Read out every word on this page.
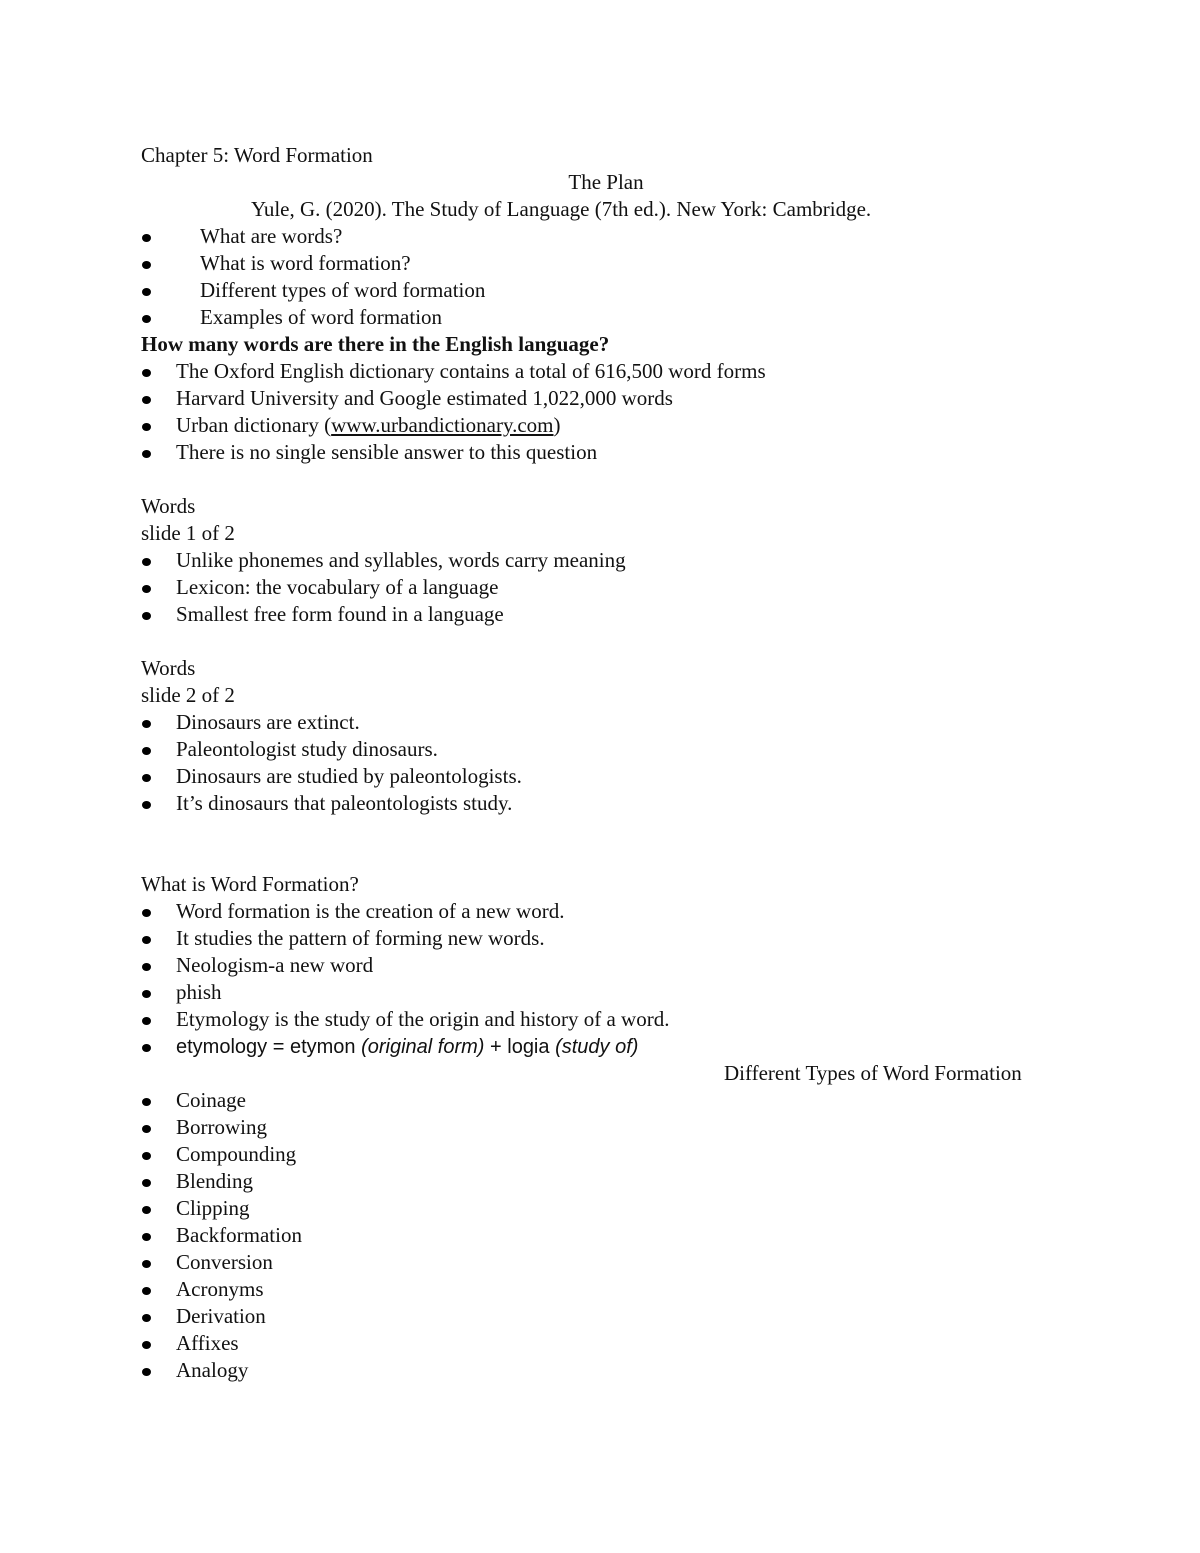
Chapter 5: Word Formation
The Plan
Yule, G. (2020). The Study of Language (7th ed.). New York: Cambridge.
What are words?
What is word formation?
Different types of word formation
Examples of word formation
How many words are there in the English language?
The Oxford English dictionary contains a total of 616,500 word forms
Harvard University and Google estimated 1,022,000 words
Urban dictionary (www.urbandictionary.com)
There is no single sensible answer to this question
Words
slide 1 of 2
Unlike phonemes and syllables, words carry meaning
Lexicon: the vocabulary of a language
Smallest free form found in a language
Words
slide 2 of 2
Dinosaurs are extinct.
Paleontologist study dinosaurs.
Dinosaurs are studied by paleontologists.
It’s dinosaurs that paleontologists study.
What is Word Formation?
Word formation is the creation of a new word.
It studies the pattern of forming new words.
Neologism-a new word
phish
Etymology is the study of the origin and history of a word.
etymology = etymon (original form) + logia (study of)
Different Types of Word Formation
Coinage
Borrowing
Compounding
Blending
Clipping
Backformation
Conversion
Acronyms
Derivation
Affixes
Analogy
